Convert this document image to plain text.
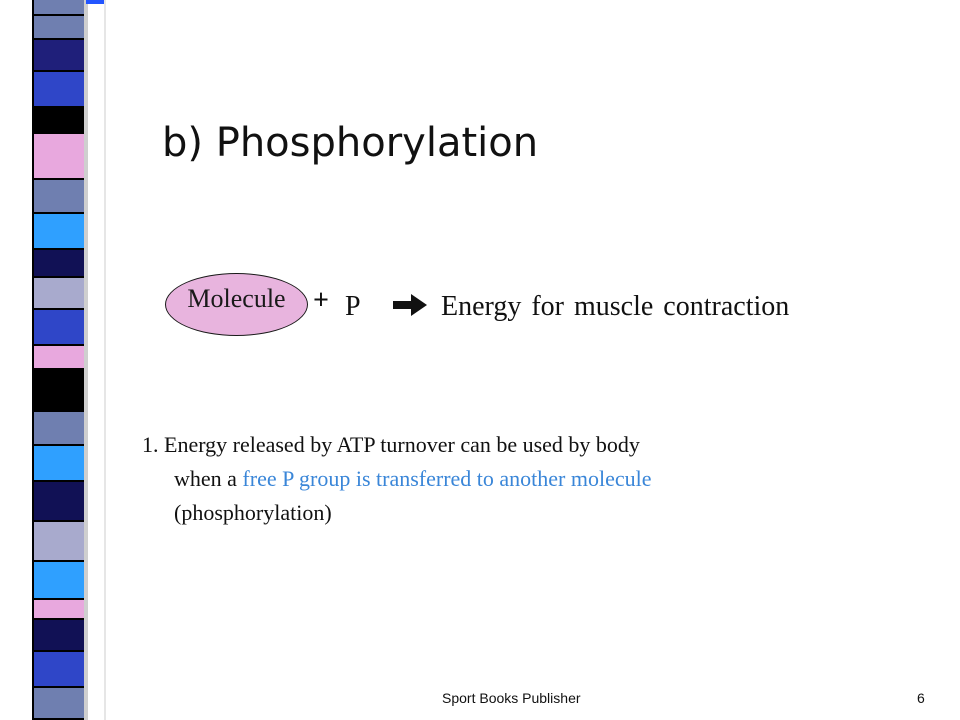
b) Phosphorylation
Molecule + P	Energy for muscle contraction
1. Energy released by ATP turnover can be used by body
when a free P group is transferred to another molecule
(phosphorylation)
Sport Books Publisher	6
